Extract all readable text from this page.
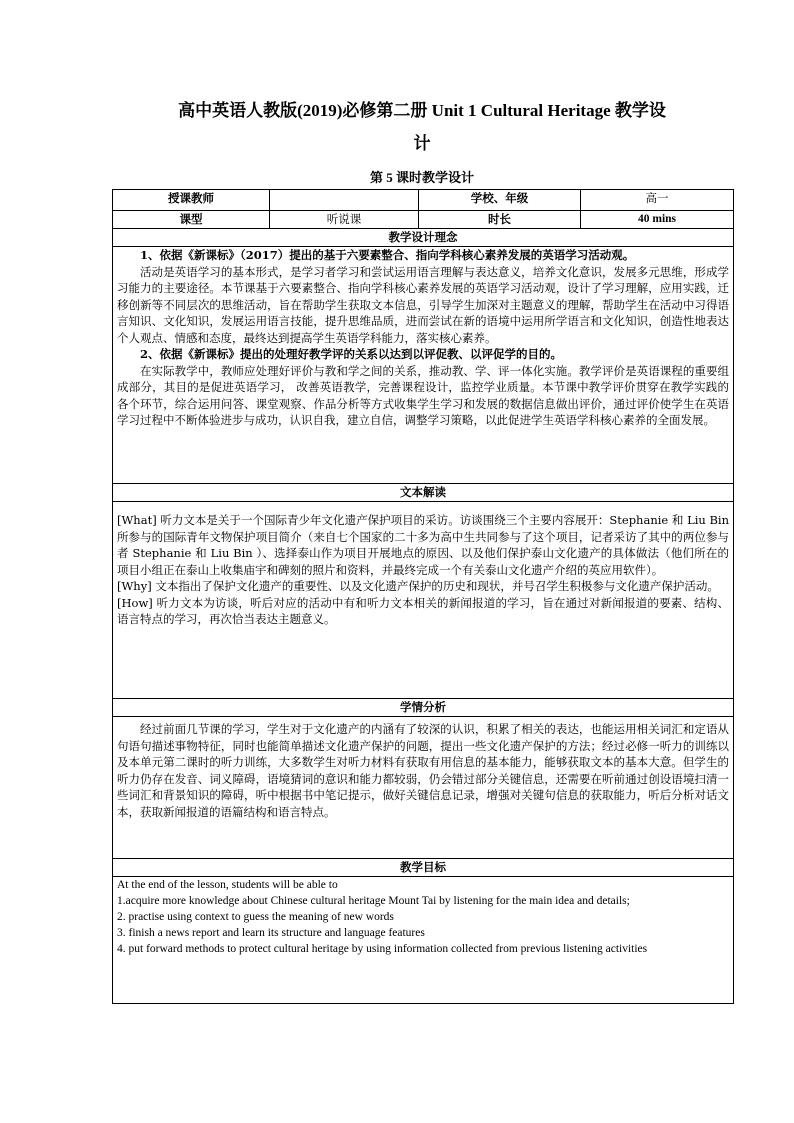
高中英语人教版(2019)必修第二册 Unit 1 Cultural Heritage 教学设
计
第 5 课时教学设计
授课教师		学校、年级	高一
课型	听说课	时长	40 mins
教学设计理念			

1、依据《新课标》（2017）提出的基于六要素整合、指向学科核心素养发展的英语学习活动观。
活动是英语学习的基本形式，是学习者学习和尝试运用语言理解与表达意义，培养文化意识，发展多元思维，形成学习能力的主要途径。本节课基于六要素整合、指向学科核心素养发展的英语学习活动观，设计了学习理解，应用实践，迁移创新等不同层次的思维活动，旨在帮助学生获取文本信息，引导学生加深对主题意义的理解，帮助学生在活动中习得语言知识、文化知识，发展运用语言技能，提升思维品质，进而尝试在新的语境中运用所学语言和文化知识，创造性地表达个人观点、情感和态度，最终达到提高学生英语学科能力，落实核心素养。
2、依据《新课标》提出的处理好教学评的关系以达到以评促教、以评促学的目的。
在实际教学中，教师应处理好评价与教和学之间的关系，推动教、学、评一体化实施。教学评价是英语课程的重要组成部分，其目的是促进英语学习， 改善英语教学，完善课程设计，监控学业质量。本节课中教学评价贯穿在教学实践的各个环节，综合运用问答、课堂观察、作品分析等方式收集学生学习和发展的数据信息做出评价，通过评价使学生在英语学习过程中不断体验进步与成功，认识自我，建立自信，调整学习策略，以此促进学生英语学科核心素养的全面发展。			

文本解读			

[What] 听力文本是关于一个国际青少年文化遗产保护项目的采访。访谈围绕三个主要内容展开：Stephanie 和 Liu Bin 所参与的国际青年文物保护项目简介（来自七个国家的二十多为高中生共同参与了这个项目，记者采访了其中的两位参与者 Stephanie 和 Liu Bin ）、选择泰山作为项目开展地点的原因、以及他们保护泰山文化遗产的具体做法（他们所在的项目小组正在泰山上收集庙宇和碑刻的照片和资料，并最终完成一个有关泰山文化遗产介绍的英应用软件）。
[Why] 文本指出了保护文化遗产的重要性、以及文化遗产保护的历史和现状，并号召学生积极参与文化遗产保护活动。
[How] 听力文本为访谈，听后对应的活动中有和听力文本相关的新闻报道的学习，旨在通过对新闻报道的要素、结构、语言特点的学习，再次恰当表达主题意义。			

学情分析			

经过前面几节课的学习，学生对于文化遗产的内涵有了较深的认识，积累了相关的表达，也能运用相关词汇和定语从句语句描述事物特征，同时也能简单描述文化遗产保护的问题，提出一些文化遗产保护的方法；经过必修一听力的训练以及本单元第二课时的听力训练，大多数学生对听力材料有获取有用信息的基本能力，能够获取文本的基本大意。但学生的听力仍存在发音、词义障碍，语境猜词的意识和能力都较弱，仍会错过部分关键信息，还需要在听前通过创设语境扫清一些词汇和背景知识的障碍，听中根据书中笔记提示，做好关键信息记录，增强对关键句信息的获取能力，听后分析对话文本，获取新闻报道的语篇结构和语言特点。			

教学目标			

At the end of the lesson, students will be able to
1.acquire more knowledge about Chinese cultural heritage Mount Tai by listening for the main idea and details;
2. practise using context to guess the meaning of new words
3. finish a news report and learn its structure and language features
4. put forward methods to protect cultural heritage by using information collected from previous listening activities			
